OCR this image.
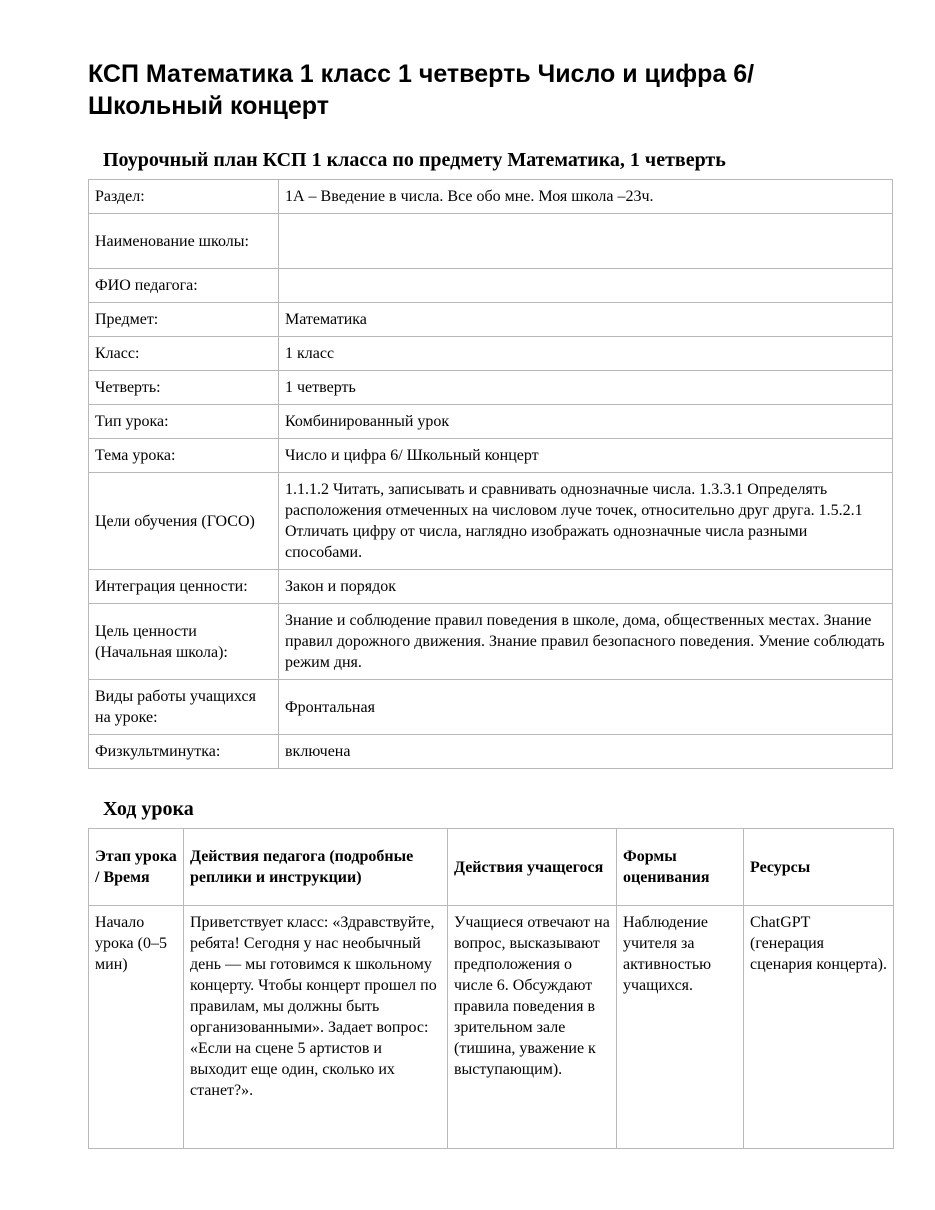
КСП Математика 1 класс 1 четверть Число и цифра 6/ Школьный концерт
Поурочный план КСП 1 класса по предмету Математика, 1 четверть
Раздел:	1А – Введение в числа. Все обо мне. Моя школа –23ч.
Наименование школы:	
ФИО педагога:	
Предмет:	Математика
Класс:	1 класс
Четверть:	1 четверть
Тип урока:	Комбинированный урок
Тема урока:	Число и цифра 6/ Школьный концерт
Цели обучения (ГОСО)	1.1.1.2 Читать, записывать и сравнивать однозначные числа. 1.3.3.1 Определять расположения отмеченных на числовом луче точек, относительно друг друга. 1.5.2.1 Отличать цифру от числа, наглядно изображать однозначные числа разными способами.
Интеграция ценности:	Закон и порядок
Цель ценности (Начальная школа):	Знание и соблюдение правил поведения в школе, дома, общественных местах. Знание правил дорожного движения. Знание правил безопасного поведения. Умение соблюдать режим дня.
Виды работы учащихся на уроке:	Фронтальная
Физкультминутка:	включена
Ход урока
Этап урока / Время	Действия педагога (подробные реплики и инструкции)	Действия учащегося	Формы оценивания	Ресурсы
Начало урока (0–5 мин)	Приветствует класс: «Здравствуйте, ребята! Сегодня у нас необычный день — мы готовимся к школьному концерту. Чтобы концерт прошел по правилам, мы должны быть организованными». Задает вопрос: «Если на сцене 5 артистов и выходит еще один, сколько их станет?».	Учащиеся отвечают на вопрос, высказывают предположения о числе 6. Обсуждают правила поведения в зрительном зале (тишина, уважение к выступающим).	Наблюдение учителя за активностью учащихся.	ChatGPT (генерация сценария концерта).
